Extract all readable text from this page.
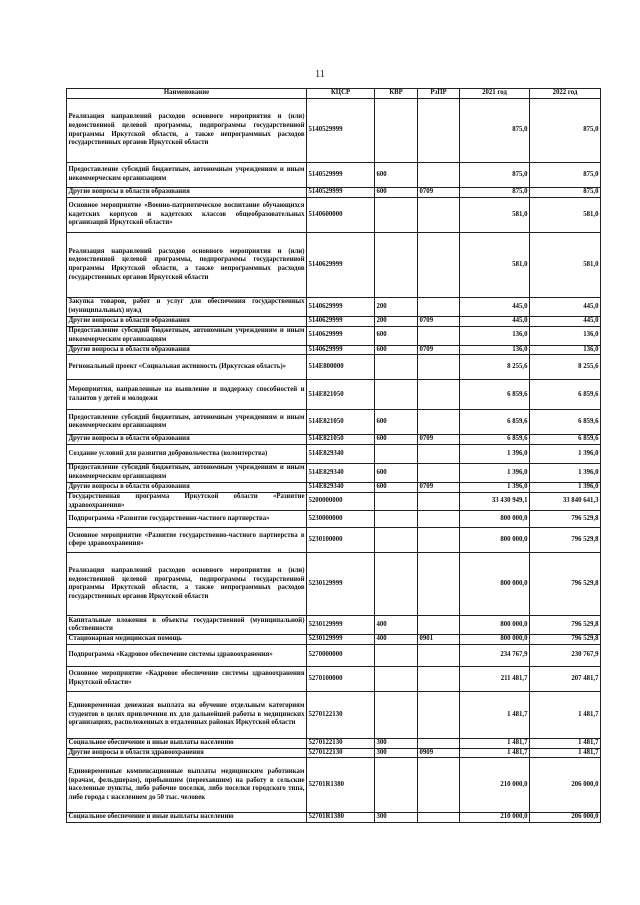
11
Наименование	КЦСР	КВР	РзПР	2021 год	2022 год
Реализация направлений расходов основного мероприятия и (или) ведомственной целевой программы, подпрограммы государственной программы Иркутской области, а также непрограммных расходов государственных органов Иркутской области	5140529999			875,0	875,0
Предоставление субсидий бюджетным, автономным учреждениям и иным некоммерческим организациям	5140529999	600		875,0	875,0
Другие вопросы в области образования	5140529999	600	0709	875,0	875,0
Основное мероприятие «Военно-патриотическое воспитание обучающихся кадетских корпусов и кадетских классов общеобразовательных организаций Иркутской области»	5140600000			581,0	581,0
Реализация направлений расходов основного мероприятия и (или) ведомственной целевой программы, подпрограммы государственной программы Иркутской области, а также непрограммных расходов государственных органов Иркутской области	5140629999			581,0	581,0
Закупка товаров, работ и услуг для обеспечения государственных (муниципальных) нужд	5140629999	200		445,0	445,0
Другие вопросы в области образования	5140629999	200	0709	445,0	445,0
Предоставление субсидий бюджетным, автономным учреждениям и иным некоммерческим организациям	5140629999	600		136,0	136,0
Другие вопросы в области образования	5140629999	600	0709	136,0	136,0
Региональный проект «Социальная активность (Иркутская область)»	514E800000			8 255,6	8 255,6
Мероприятия, направленные на выявление и поддержку способностей и талантов у детей и молодежи	514E821050			6 859,6	6 859,6
Предоставление субсидий бюджетным, автономным учреждениям и иным некоммерческим организациям	514E821050	600		6 859,6	6 859,6
Другие вопросы в области образования	514E821050	600	0709	6 859,6	6 859,6
Создание условий для развития добровольчества (волонтерства)	514E829340			1 396,0	1 396,0
Предоставление субсидий бюджетным, автономным учреждениям и иным некоммерческим организациям	514E829340	600		1 396,0	1 396,0
Другие вопросы в области образования	514E829340	600	0709	1 396,0	1 396,0
Государственная программа Иркутской области «Развитие здравоохранения»	5200000000			33 430 949,1	33 840 641,3
Подпрограмма «Развитие государственно-частного партнерства»	5230000000			800 000,0	796 529,8
Основное мероприятие «Развитие государственно-частного партнерства в сфере здравоохранения»	5230100000			800 000,0	796 529,8
Реализация направлений расходов основного мероприятия и (или) ведомственной целевой программы, подпрограммы государственной программы Иркутской области, а также непрограммных расходов государственных органов Иркутской области	5230129999			800 000,0	796 529,8
Капитальные вложения в объекты государственной (муниципальной) собственности	5230129999	400		800 000,0	796 529,8
Стационарная медицинская помощь	5230129999	400	0901	800 000,0	796 529,8
Подпрограмма «Кадровое обеспечение системы здравоохранения»	5270000000			234 767,9	230 767,9
Основное мероприятие «Кадровое обеспечение системы здравоохранения Иркутской области»	5270100000			211 481,7	207 481,7
Единовременная денежная выплата на обучение отдельным категориям студентов в целях привлечения их для дальнейшей работы в медицинских организациях, расположенных в отдаленных районах Иркутской области	5270122130			1 481,7	1 481,7
Социальное обеспечение и иные выплаты населению	5270122130	300		1 481,7	1 481,7
Другие вопросы в области здравоохранения	5270122130	300	0909	1 481,7	1 481,7
Единовременные компенсационные выплаты медицинским работникам (врачам, фельдшерам), прибывшим (переехавшим) на работу в сельские населенные пункты, либо рабочие поселки, либо поселки городского типа, либо города с населением до 50 тыс. человек	52701R1380			210 000,0	206 000,0
Социальное обеспечение и иные выплаты населению	52701R1380	300		210 000,0	206 000,0
